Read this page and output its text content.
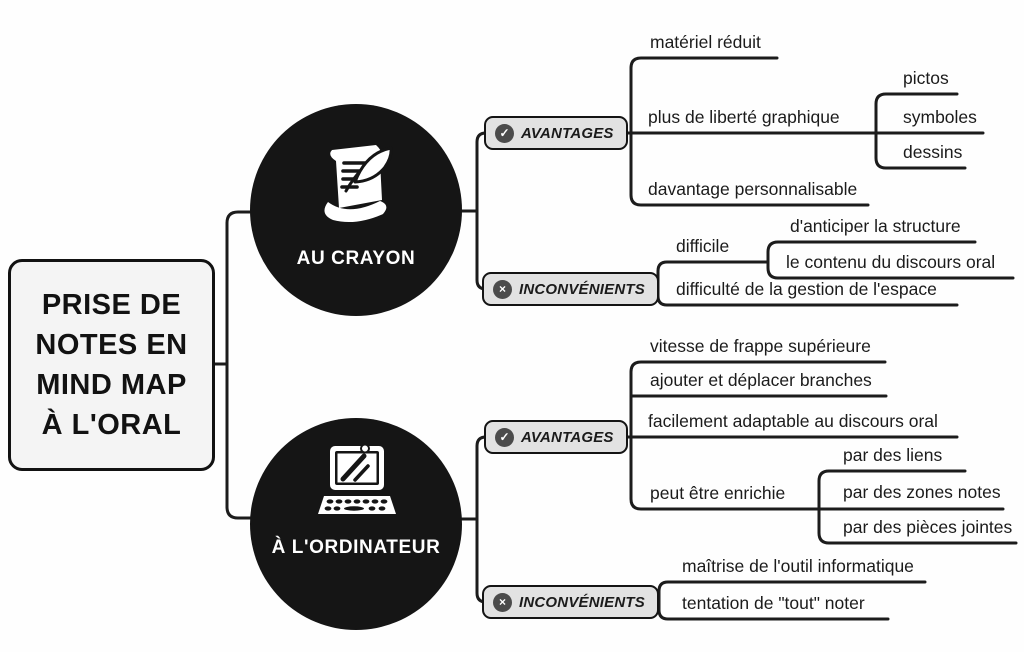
PRISE DE
NOTES EN
MIND MAP
À L'ORAL
AU CRAYON
À L'ORDINATEUR
✓ AVANTAGES
× INCONVÉNIENTS
✓ AVANTAGES
× INCONVÉNIENTS
matériel réduit
plus de liberté graphique
pictos
symboles
dessins
davantage personnalisable
difficile
d'anticiper la structure
le contenu du discours oral
difficulté de la gestion de l'espace
vitesse de frappe supérieure
ajouter et déplacer branches
facilement adaptable au discours oral
peut être enrichie
par des liens
par des zones notes
par des pièces jointes
maîtrise de l'outil informatique
tentation de "tout" noter
